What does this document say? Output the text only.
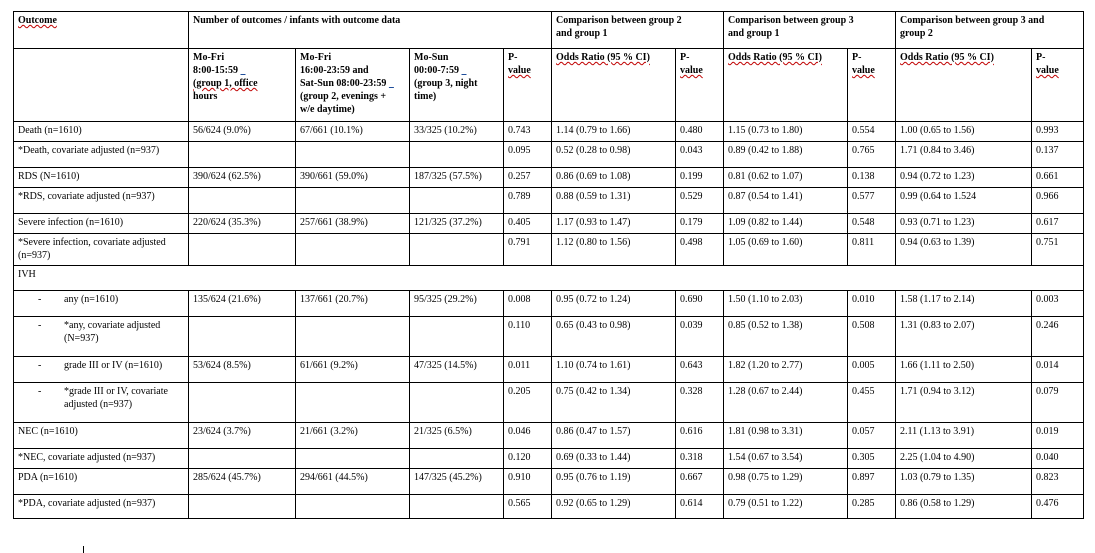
Outcome	Number of outcomes / infants with outcome data				Comparison between group 2
and group 1		Comparison between group 3
and group 1		Comparison between group 3 and
group 2	
	Mo-Fri
8:00-15:59
(group 1, office
hours	Mo-Fri
16:00-23:59 and
Sat-Sun 08:00-23:59
(group 2, evenings +
w/e daytime)	Mo-Sun
00:00-7:59
(group 3, night
time)	P-
value	Odds Ratio (95 % CI)	P-
value	Odds Ratio (95 % CI)	P-
value	Odds Ratio (95 % CI)	P-
value
Death (n=1610)	56/624 (9.0%)	67/661 (10.1%)	33/325 (10.2%)	0.743	1.14 (0.79 to 1.66)	0.480	1.15 (0.73 to 1.80)	0.554	1.00 (0.65 to 1.56)	0.993
*Death, covariate adjusted (n=937)				0.095	0.52 (0.28 to 0.98)	0.043	0.89 (0.42 to 1.88)	0.765	1.71 (0.84 to 3.46)	0.137
RDS (N=1610)	390/624 (62.5%)	390/661 (59.0%)	187/325 (57.5%)	0.257	0.86 (0.69 to 1.08)	0.199	0.81 (0.62 to 1.07)	0.138	0.94 (0.72 to 1.23)	0.661
*RDS, covariate adjusted (n=937)				0.789	0.88 (0.59 to 1.31)	0.529	0.87 (0.54 to 1.41)	0.577	0.99 (0.64 to 1.524	0.966
Severe infection (n=1610)	220/624 (35.3%)	257/661 (38.9%)	121/325 (37.2%)	0.405	1.17 (0.93 to 1.47)	0.179	1.09 (0.82 to 1.44)	0.548	0.93 (0.71 to 1.23)	0.617
*Severe infection, covariate adjusted
(n=937)				0.791	1.12 (0.80 to 1.56)	0.498	1.05 (0.69 to 1.60)	0.811	0.94 (0.63 to 1.39)	0.751
IVH										
- any (n=1610)	135/624 (21.6%)	137/661 (20.7%)	95/325 (29.2%)	0.008	0.95 (0.72 to 1.24)	0.690	1.50 (1.10 to 2.03)	0.010	1.58 (1.17 to 2.14)	0.003
- *any, covariate adjusted
(N=937)				0.110	0.65 (0.43 to 0.98)	0.039	0.85 (0.52 to 1.38)	0.508	1.31 (0.83 to 2.07)	0.246
- grade III or IV (n=1610)	53/624 (8.5%)	61/661 (9.2%)	47/325 (14.5%)	0.011	1.10 (0.74 to 1.61)	0.643	1.82 (1.20 to 2.77)	0.005	1.66 (1.11 to 2.50)	0.014
- *grade III or IV, covariate
adjusted (n=937)				0.205	0.75 (0.42 to 1.34)	0.328	1.28 (0.67 to 2.44)	0.455	1.71 (0.94 to 3.12)	0.079
NEC (n=1610)	23/624 (3.7%)	21/661 (3.2%)	21/325 (6.5%)	0.046	0.86 (0.47 to 1.57)	0.616	1.81 (0.98 to 3.31)	0.057	2.11 (1.13 to 3.91)	0.019
*NEC, covariate adjusted (n=937)				0.120	0.69 (0.33 to 1.44)	0.318	1.54 (0.67 to 3.54)	0.305	2.25 (1.04 to 4.90)	0.040
PDA (n=1610)	285/624 (45.7%)	294/661 (44.5%)	147/325 (45.2%)	0.910	0.95 (0.76 to 1.19)	0.667	0.98 (0.75 to 1.29)	0.897	1.03 (0.79 to 1.35)	0.823
*PDA, covariate adjusted (n=937)				0.565	0.92 (0.65 to 1.29)	0.614	0.79 (0.51 to 1.22)	0.285	0.86 (0.58 to 1.29)	0.476
